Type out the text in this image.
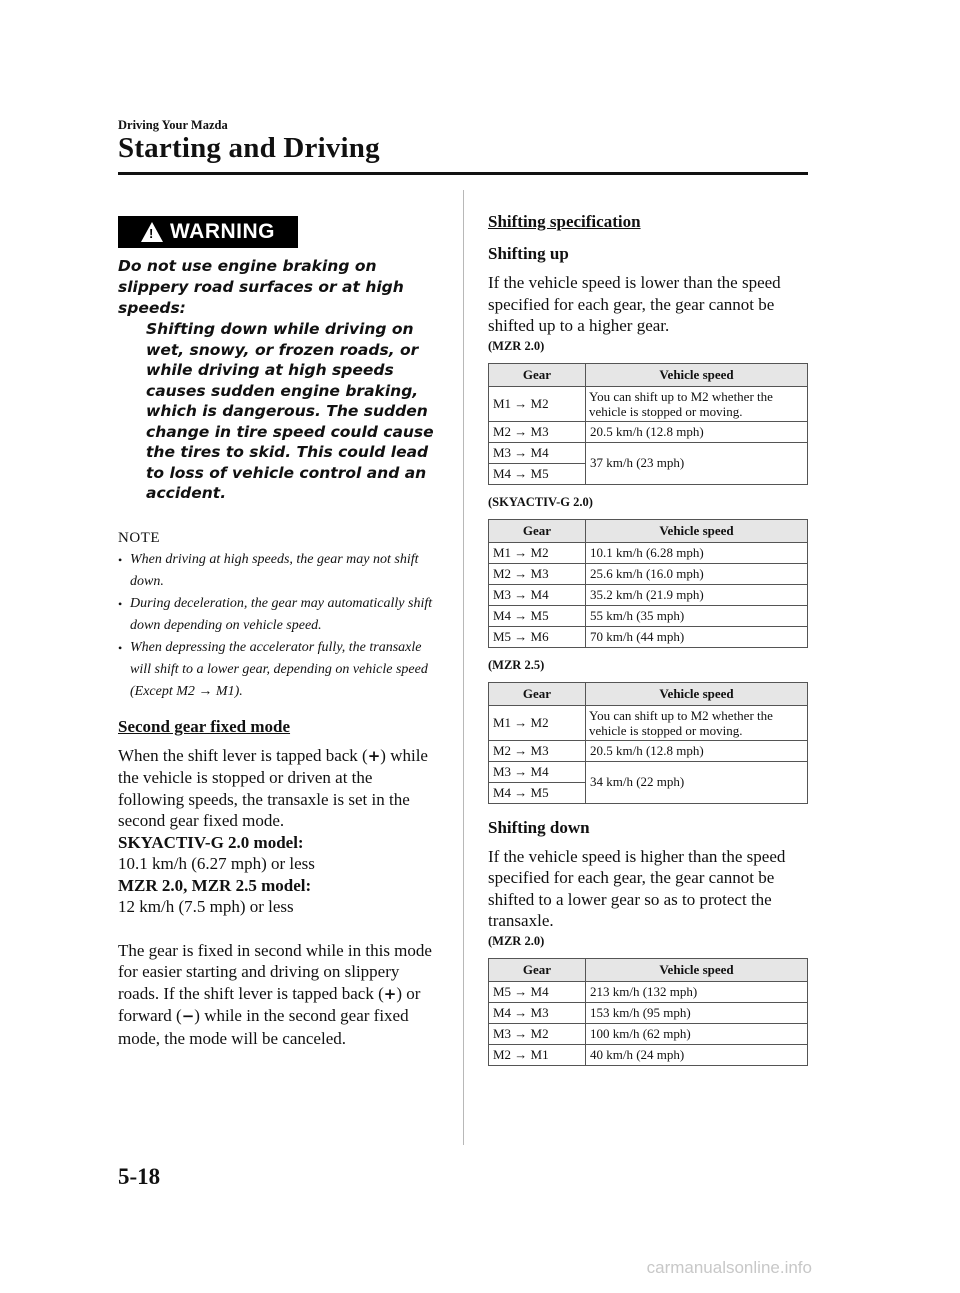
Driving Your Mazda
Starting and Driving
! WARNING
Do not use engine braking on slippery road surfaces or at high speeds:
Shifting down while driving on wet, snowy, or frozen roads, or while driving at high speeds causes sudden engine braking, which is dangerous. The sudden change in tire speed could cause the tires to skid. This could lead to loss of vehicle control and an accident.
NOTE
• When driving at high speeds, the gear may not shift down.
• During deceleration, the gear may automatically shift down depending on vehicle speed.
• When depressing the accelerator fully, the transaxle will shift to a lower gear, depending on vehicle speed (Except M2 → M1).
Second gear fixed mode
When the shift lever is tapped back (+) while the vehicle is stopped or driven at the following speeds, the transaxle is set in the second gear fixed mode.
SKYACTIV-G 2.0 model:
10.1 km/h (6.27 mph) or less
MZR 2.0, MZR 2.5 model:
12 km/h (7.5 mph) or less
The gear is fixed in second while in this mode for easier starting and driving on slippery roads. If the shift lever is tapped back (+) or forward (−) while in the second gear fixed mode, the mode will be canceled.
Shifting specification
Shifting up
If the vehicle speed is lower than the speed specified for each gear, the gear cannot be shifted up to a higher gear.
(MZR 2.0)
Gear	Vehicle speed
M1 → M2	You can shift up to M2 whether the vehicle is stopped or moving.
M2 → M3	20.5 km/h (12.8 mph)
M3 → M4	37 km/h (23 mph)
M4 → M5	
(SKYACTIV-G 2.0)
Gear	Vehicle speed
M1 → M2	10.1 km/h (6.28 mph)
M2 → M3	25.6 km/h (16.0 mph)
M3 → M4	35.2 km/h (21.9 mph)
M4 → M5	55 km/h (35 mph)
M5 → M6	70 km/h (44 mph)
(MZR 2.5)
Gear	Vehicle speed
M1 → M2	You can shift up to M2 whether the vehicle is stopped or moving.
M2 → M3	20.5 km/h (12.8 mph)
M3 → M4	34 km/h (22 mph)
M4 → M5	
Shifting down
If the vehicle speed is higher than the speed specified for each gear, the gear cannot be shifted to a lower gear so as to protect the transaxle.
(MZR 2.0)
Gear	Vehicle speed
M5 → M4	213 km/h (132 mph)
M4 → M3	153 km/h (95 mph)
M3 → M2	100 km/h (62 mph)
M2 → M1	40 km/h (24 mph)
5-18
carmanualsonline.info
